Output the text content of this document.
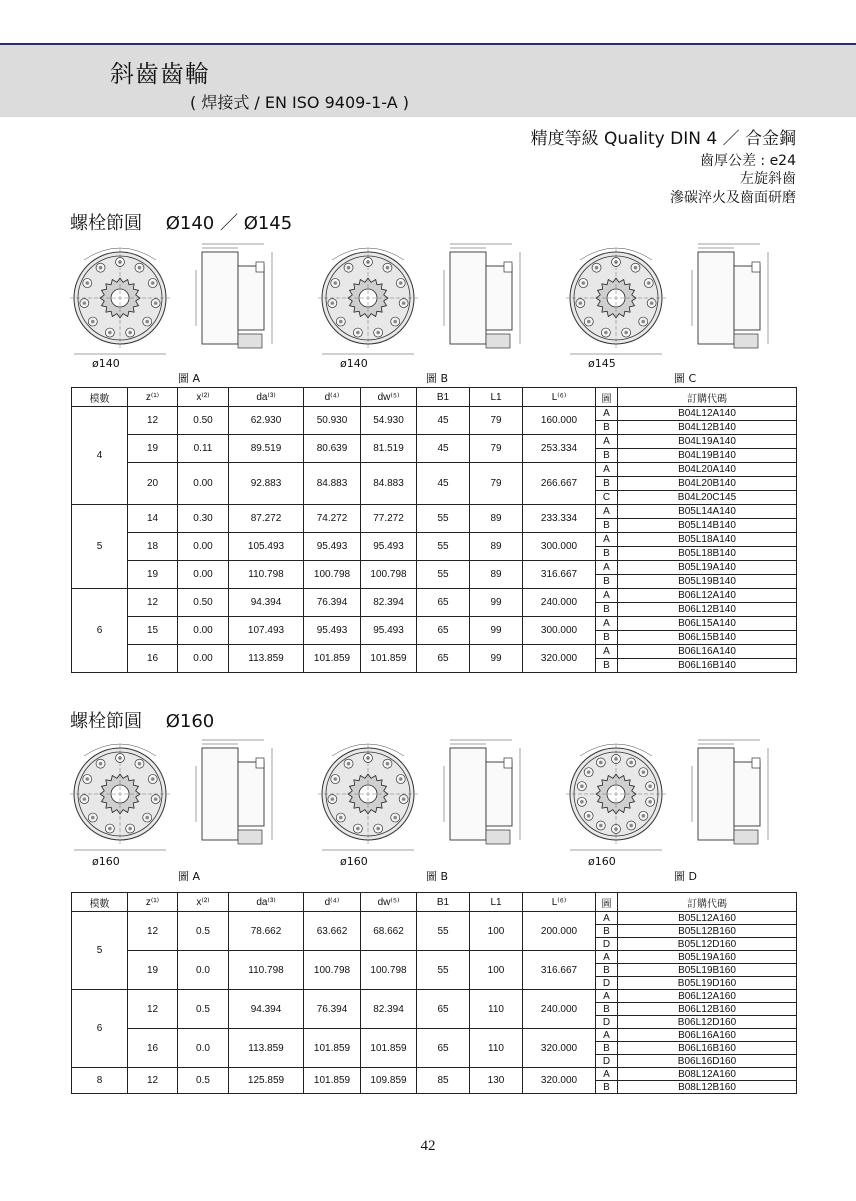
斜齒齒輪
( 焊接式 / EN ISO 9409-1-A )
精度等級 Quality DIN 4 ／ 合金鋼
齒厚公差 : e24
左旋斜齒
滲碳淬火及齒面研磨
螺栓節圓 　Ø140 ／ Ø145
ø140	ø140	ø145
圖 A	圖 B	圖 C
模數	z⁽¹⁾	x⁽²⁾	da⁽³⁾	d⁽⁴⁾	dw⁽⁵⁾	B1	L1	L⁽⁶⁾	圖	訂購代碼
4	12	0.50	62.930	50.930	54.930	45	79	160.000	A	B04L12A140
									B	B04L12B140
	19	0.11	89.519	80.639	81.519	45	79	253.334	A	B04L19A140
									B	B04L19B140
	20	0.00	92.883	84.883	84.883	45	79	266.667	A	B04L20A140
									B	B04L20B140
									C	B04L20C145
5	14	0.30	87.272	74.272	77.272	55	89	233.334	A	B05L14A140
									B	B05L14B140
	18	0.00	105.493	95.493	95.493	55	89	300.000	A	B05L18A140
									B	B05L18B140
	19	0.00	110.798	100.798	100.798	55	89	316.667	A	B05L19A140
									B	B05L19B140
6	12	0.50	94.394	76.394	82.394	65	99	240.000	A	B06L12A140
									B	B06L12B140
	15	0.00	107.493	95.493	95.493	65	99	300.000	A	B06L15A140
									B	B06L15B140
	16	0.00	113.859	101.859	101.859	65	99	320.000	A	B06L16A140
									B	B06L16B140
螺栓節圓 　Ø160
ø160	ø160	ø160
圖 A	圖 B	圖 D
模數	z⁽¹⁾	x⁽²⁾	da⁽³⁾	d⁽⁴⁾	dw⁽⁵⁾	B1	L1	L⁽⁶⁾	圖	訂購代碼
5	12	0.5	78.662	63.662	68.662	55	100	200.000	A	B05L12A160
									B	B05L12B160
									D	B05L12D160
	19	0.0	110.798	100.798	100.798	55	100	316.667	A	B05L19A160
									B	B05L19B160
									D	B05L19D160
6	12	0.5	94.394	76.394	82.394	65	110	240.000	A	B06L12A160
									B	B06L12B160
									D	B06L12D160
	16	0.0	113.859	101.859	101.859	65	110	320.000	A	B06L16A160
									B	B06L16B160
									D	B06L16D160
8	12	0.5	125.859	101.859	109.859	85	130	320.000	A	B08L12A160
									B	B08L12B160
42
